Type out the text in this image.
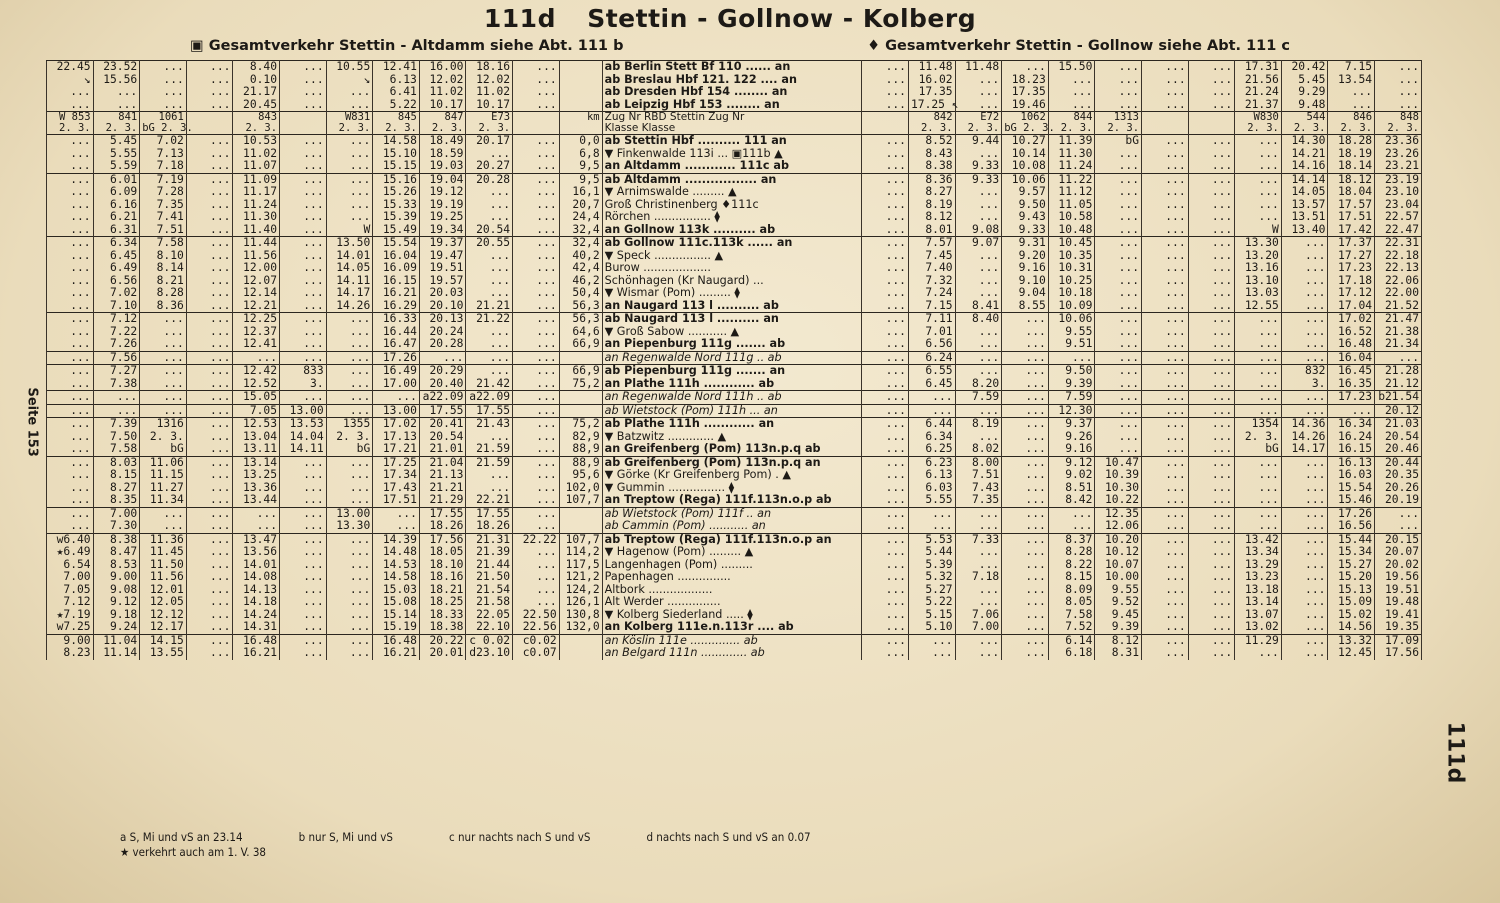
111d Stettin - Gollnow - Kolberg
▣ Gesamtverkehr Stettin - Altdamm siehe Abt. 111 b	♦ Gesamtverkehr Stettin - Gollnow siehe Abt. 111 c
Seite 153
111d
22.45	23.52	...	...	8.40	...	10.55	12.41	16.00	18.16	...		ab Berlin Stett Bf 110 ...... an	...	11.48	11.48	...	15.50	...	...	...	17.31	20.42	7.15	...
↘	15.56	...	...	0.10	...	↘	6.13	12.02	12.02	...		ab Breslau Hbf 121. 122 .... an	...	16.02	...	18.23	...	...	...	...	21.56	5.45	13.54	...
...	...	...	...	21.17	...	...	6.41	11.02	11.02	...		ab Dresden Hbf 154 ........ an	...	17.35	...	17.35	...	...	...	...	21.24	9.29	...	...
...	...	...	...	20.45	...	...	5.22	10.17	10.17	...		ab Leipzig Hbf 153 ........ an	...	17.25 ↖	...	19.46	...	...	...	...	21.37	9.48	...	...
W 853	841	1061		843		W831	845	847	E73		km	Zug Nr RBD Stettin Zug Nr		842	E72	1062	844	1313			W830	544	846	848
2. 3.	2. 3.	bG 2. 3.		2. 3.		2. 3.	2. 3.	2. 3.	2. 3.			Klasse Klasse		2. 3.	2. 3.	bG 2. 3.	2. 3.	2. 3.			2. 3.	2. 3.	2. 3.	2. 3.
...	5.45	7.02	...	10.53	...	...	14.58	18.49	20.17	...	0,0	ab Stettin Hbf .......... 111 an	...	8.52	9.44	10.27	11.39	bG	...	...	...	14.30	18.28	23.36
...	5.55	7.13	...	11.02	...	...	15.10	18.59	...	...	6,8	▼ Finkenwalde 113i ... ▣111b ▲	...	8.43	...	10.14	11.30	...	...	...	...	14.21	18.19	23.26
...	5.59	7.18	...	11.07	...	...	15.15	19.03	20.27	...	9,5	an Altdamm ............ 111c ab	...	8.38	9.33	10.08	11.24	...	...	...	...	14.16	18.14	23.21
...	6.01	7.19	...	11.09	...	...	15.16	19.04	20.28	...	9,5	ab Altdamm ................. an	...	8.36	9.33	10.06	11.22	...	...	...	...	14.14	18.12	23.19
...	6.09	7.28	...	11.17	...	...	15.26	19.12	...	...	16,1	▼ Arnimswalde ......... ▲	...	8.27	...	9.57	11.12	...	...	...	...	14.05	18.04	23.10
...	6.16	7.35	...	11.24	...	...	15.33	19.19	...	...	20,7	Groß Christinenberg ♦111c	...	8.19	...	9.50	11.05	...	...	...	...	13.57	17.57	23.04
...	6.21	7.41	...	11.30	...	...	15.39	19.25	...	...	24,4	Rörchen ................ ⧫	...	8.12	...	9.43	10.58	...	...	...	...	13.51	17.51	22.57
...	6.31	7.51	...	11.40	...	W	15.49	19.34	20.54	...	32,4	an Gollnow 113k .......... ab	...	8.01	9.08	9.33	10.48	...	...	...	W	13.40	17.42	22.47
...	6.34	7.58	...	11.44	...	13.50	15.54	19.37	20.55	...	32,4	ab Gollnow 111c.113k ...... an	...	7.57	9.07	9.31	10.45	...	...	...	13.30	...	17.37	22.31
...	6.45	8.10	...	11.56	...	14.01	16.04	19.47	...	...	40,2	▼ Speck ................ ▲	...	7.45	...	9.20	10.35	...	...	...	13.20	...	17.27	22.18
...	6.49	8.14	...	12.00	...	14.05	16.09	19.51	...	...	42,4	Burow ...................	...	7.40	...	9.16	10.31	...	...	...	13.16	...	17.23	22.13
...	6.56	8.21	...	12.07	...	14.11	16.15	19.57	...	...	46,2	Schönhagen (Kr Naugard) ...	...	7.32	...	9.10	10.25	...	...	...	13.10	...	17.18	22.06
...	7.02	8.28	...	12.14	...	14.17	16.21	20.03	...	...	50,4	▼ Wismar (Pom) ......... ⧫	...	7.24	...	9.04	10.18	...	...	...	13.03	...	17.12	22.00
...	7.10	8.36	...	12.21	...	14.26	16.29	20.10	21.21	...	56,3	an Naugard 113 l .......... ab	...	7.15	8.41	8.55	10.09	...	...	...	12.55	...	17.04	21.52
...	7.12	...	...	12.25	...	...	16.33	20.13	21.22	...	56,3	ab Naugard 113 l .......... an	...	7.11	8.40	...	10.06	...	...	...	...	...	17.02	21.47
...	7.22	...	...	12.37	...	...	16.44	20.24	...	...	64,6	▼ Groß Sabow ........... ▲	...	7.01	...	...	9.55	...	...	...	...	...	16.52	21.38
...	7.26	...	...	12.41	...	...	16.47	20.28	...	...	66,9	an Piepenburg 111g ....... ab	...	6.56	...	...	9.51	...	...	...	...	...	16.48	21.34
...	7.56	...	...	...	...	...	17.26	...	...	...		an Regenwalde Nord 111g .. ab	...	6.24	...	...	...	...	...	...	...	...	16.04	...
...	7.27	...	...	12.42	833	...	16.49	20.29	...	...	66,9	ab Piepenburg 111g ....... an	...	6.55	...	...	9.50	...	...	...	...	832	16.45	21.28
...	7.38	...	...	12.52	3.	...	17.00	20.40	21.42	...	75,2	an Plathe 111h ............ ab	...	6.45	8.20	...	9.39	...	...	...	...	3.	16.35	21.12
...	...	...	...	15.05	...	...	...	a22.09	a22.09	...		an Regenwalde Nord 111h .. ab	...	...	7.59	...	7.59	...	...	...	...	...	17.23	b21.54
...	...	...	...	7.05	13.00	...	13.00	17.55	17.55	...		ab Wietstock (Pom) 111h ... an	...	...	...	...	12.30	...	...	...	...	...	...	20.12
...	7.39	1316	...	12.53	13.53	1355	17.02	20.41	21.43	...	75,2	ab Plathe 111h ............ an	...	6.44	8.19	...	9.37	...	...	...	1354	14.36	16.34	21.03
...	7.50	2. 3.	...	13.04	14.04	2. 3.	17.13	20.54	...	...	82,9	▼ Batzwitz ............. ▲	...	6.34	...	...	9.26	...	...	...	2. 3.	14.26	16.24	20.54
...	7.58	bG	...	13.11	14.11	bG	17.21	21.01	21.59	...	88,9	an Greifenberg (Pom) 113n.p.q ab	...	6.25	8.02	...	9.16	...	...	...	bG	14.17	16.15	20.46
...	8.03	11.06	...	13.14	...	...	17.25	21.04	21.59	...	88,9	ab Greifenberg (Pom) 113n.p.q an	...	6.23	8.00	...	9.12	10.47	...	...	...	...	16.13	20.44
...	8.15	11.15	...	13.25	...	...	17.34	21.13	...	...	95,6	▼ Görke (Kr Greifenberg Pom) . ▲	...	6.13	7.51	...	9.02	10.39	...	...	...	...	16.03	20.35
...	8.27	11.27	...	13.36	...	...	17.43	21.21	...	...	102,0	▼ Gummin ................ ⧫	...	6.03	7.43	...	8.51	10.30	...	...	...	...	15.54	20.26
...	8.35	11.34	...	13.44	...	...	17.51	21.29	22.21	...	107,7	an Treptow (Rega) 111f.113n.o.p ab	...	5.55	7.35	...	8.42	10.22	...	...	...	...	15.46	20.19
...	7.00	...	...	...	...	13.00	...	17.55	17.55	...		ab Wietstock (Pom) 111f .. an	...	...	...	...	...	12.35	...	...	...	...	17.26	...
...	7.30	...	...	...	...	13.30	...	18.26	18.26	...		ab Cammin (Pom) ........... an	...	...	...	...	...	12.06	...	...	...	...	16.56	...
w6.40	8.38	11.36	...	13.47	...	...	14.39	17.56	21.31	22.22	107,7	ab Treptow (Rega) 111f.113n.o.p an	...	5.53	7.33	...	8.37	10.20	...	...	13.42	...	15.44	20.15
★6.49	8.47	11.45	...	13.56	...	...	14.48	18.05	21.39	...	114,2	▼ Hagenow (Pom) ......... ▲	...	5.44	...	...	8.28	10.12	...	...	13.34	...	15.34	20.07
6.54	8.53	11.50	...	14.01	...	...	14.53	18.10	21.44	...	117,5	Langenhagen (Pom) .........	...	5.39	...	...	8.22	10.07	...	...	13.29	...	15.27	20.02
7.00	9.00	11.56	...	14.08	...	...	14.58	18.16	21.50	...	121,2	Papenhagen ...............	...	5.32	7.18	...	8.15	10.00	...	...	13.23	...	15.20	19.56
7.05	9.08	12.01	...	14.13	...	...	15.03	18.21	21.54	...	124,2	Altbork ..................	...	5.27	...	...	8.09	9.55	...	...	13.18	...	15.13	19.51
7.12	9.12	12.05	...	14.18	...	...	15.08	18.25	21.58	...	126,1	Alt Werder ...............	...	5.22	...	...	8.05	9.52	...	...	13.14	...	15.09	19.48
★7.19	9.18	12.12	...	14.24	...	...	15.14	18.33	22.05	22.50	130,8	▼ Kolberg Siederland ..... ⧫	...	5.15	7.06	...	7.58	9.45	...	...	13.07	...	15.02	19.41
w7.25	9.24	12.17	...	14.31	...	...	15.19	18.38	22.10	22.56	132,0	an Kolberg 111e.n.113r .... ab	...	5.10	7.00	...	7.52	9.39	...	...	13.02	...	14.56	19.35
9.00	11.04	14.15	...	16.48	...	...	16.48	20.22	c 0.02	c0.02		an Köslin 111e .............. ab	...	...	...	...	6.14	8.12	...	...	11.29	...	13.32	17.09
8.23	11.14	13.55	...	16.21	...	...	16.21	20.01	d23.10	c0.07		an Belgard 111n ............. ab	...	...	...	...	6.18	8.31	...	...	...	...	12.45	17.56
a S, Mi und vS an 23.14	b nur S, Mi und vS	c nur nachts nach S und vS	d nachts nach S und vS an 0.07
★ verkehrt auch am 1. V. 38
